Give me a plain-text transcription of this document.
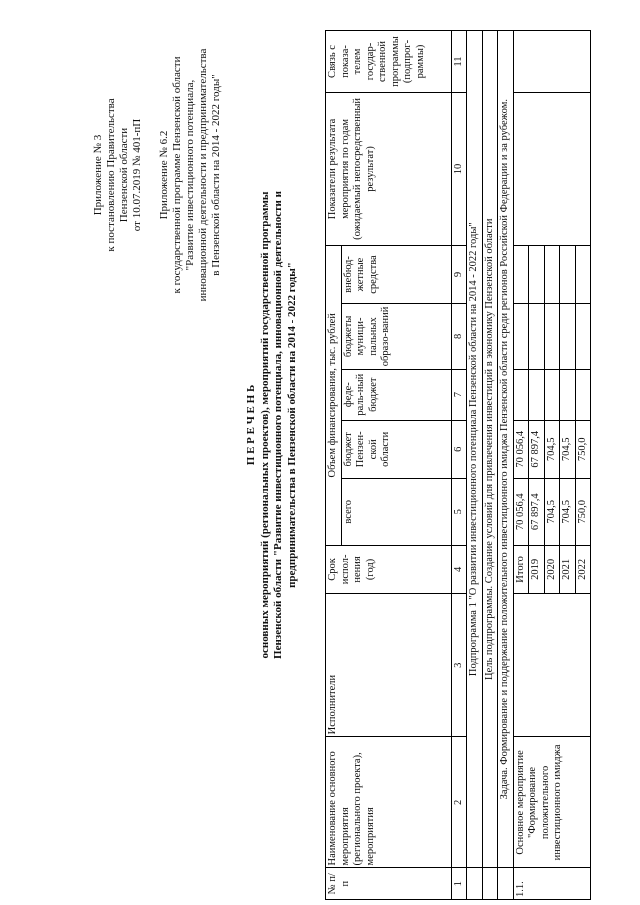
Приложение № 3 к постановлению Правительства Пензенской области от 10.07.2019 № 401-пП Приложение № 6.2 к государственной программе Пензенской области "Развитие инвестиционного потенциала, инновационной деятельности и предпринимательства в Пензенской области на 2014 - 2022 годы"
П Е Р Е Ч Е Н Ь основных мероприятий (региональных проектов), мероприятий государственной программы Пензенской области "Развитие инвестиционного потенциала, инновационной деятельности и предпринимательства в Пензенской области на 2014 - 2022 годы"
№ п/п	Наименование основного мероприятия (регионального проекта), мероприятия	Исполнители	Срок испол-нения (год)	Объем финансирования, тыс. рублей					Показатели результата мероприятия по годам (ожидаемый непосредственный результат)	Связь с показа-телем государ-ственной программы (подпрог-раммы)
				всего	бюджет Пензен-ской области	феде-раль-ный бюджет	бюджеты муници-пальных образо-ваний	внебюд-жетные средства		
1	2	3	4	5	6	7	8	9	10	11
	Подпрограмма 1 "О развитии инвестиционного потенциала Пензенской области на 2014 - 2022 годы"									
	Цель подпрограммы. Создание условий для привлечения инвестиций в экономику Пензенской области									
	Задача. Формирование и поддержание положительного инвестиционного имиджа Пензенской области среди регионов Российской Федерации и за рубежом.									
1.1.	Основное мероприятие "Формирование положительного инвестиционного имиджа		Итого	70 056,4	70 056,4					
			2019	67 897,4	67 897,4					
			2020	704,5	704,5					
			2021	704,5	704,5					
			2022	750,0	750,0					
